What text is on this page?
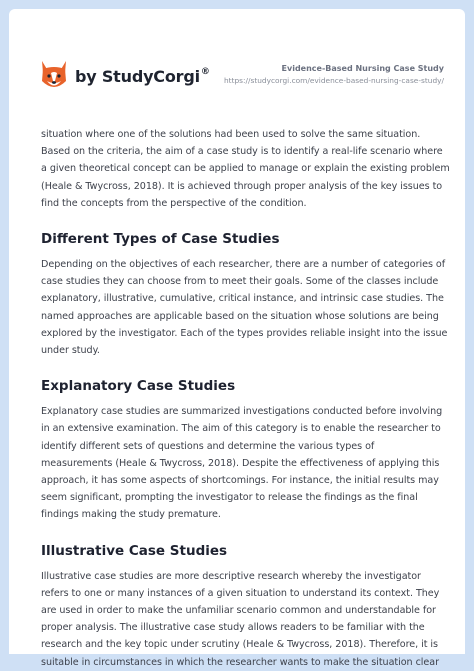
by StudyCorgi®	Evidence-Based Nursing Case Study
https://studycorgi.com/evidence-based-nursing-case-study/

situation where one of the solutions had been used to solve the same situation.
Based on the criteria, the aim of a case study is to identify a real-life scenario where
a given theoretical concept can be applied to manage or explain the existing problem
(Heale & Twycross, 2018). It is achieved through proper analysis of the key issues to
find the concepts from the perspective of the condition.

Different Types of Case Studies

Depending on the objectives of each researcher, there are a number of categories of
case studies they can choose from to meet their goals. Some of the classes include
explanatory, illustrative, cumulative, critical instance, and intrinsic case studies. The
named approaches are applicable based on the situation whose solutions are being
explored by the investigator. Each of the types provides reliable insight into the issue
under study.

Explanatory Case Studies

Explanatory case studies are summarized investigations conducted before involving
in an extensive examination. The aim of this category is to enable the researcher to
identify different sets of questions and determine the various types of
measurements (Heale & Twycross, 2018). Despite the effectiveness of applying this
approach, it has some aspects of shortcomings. For instance, the initial results may
seem significant, prompting the investigator to release the findings as the final
findings making the study premature.

Illustrative Case Studies

Illustrative case studies are more descriptive research whereby the investigator
refers to one or many instances of a given situation to understand its context. They
are used in order to make the unfamiliar scenario common and understandable for
proper analysis. The illustrative case study allows readers to be familiar with the
research and the key topic under scrutiny (Heale & Twycross, 2018). Therefore, it is
suitable in circumstances in which the researcher wants to make the situation clear
